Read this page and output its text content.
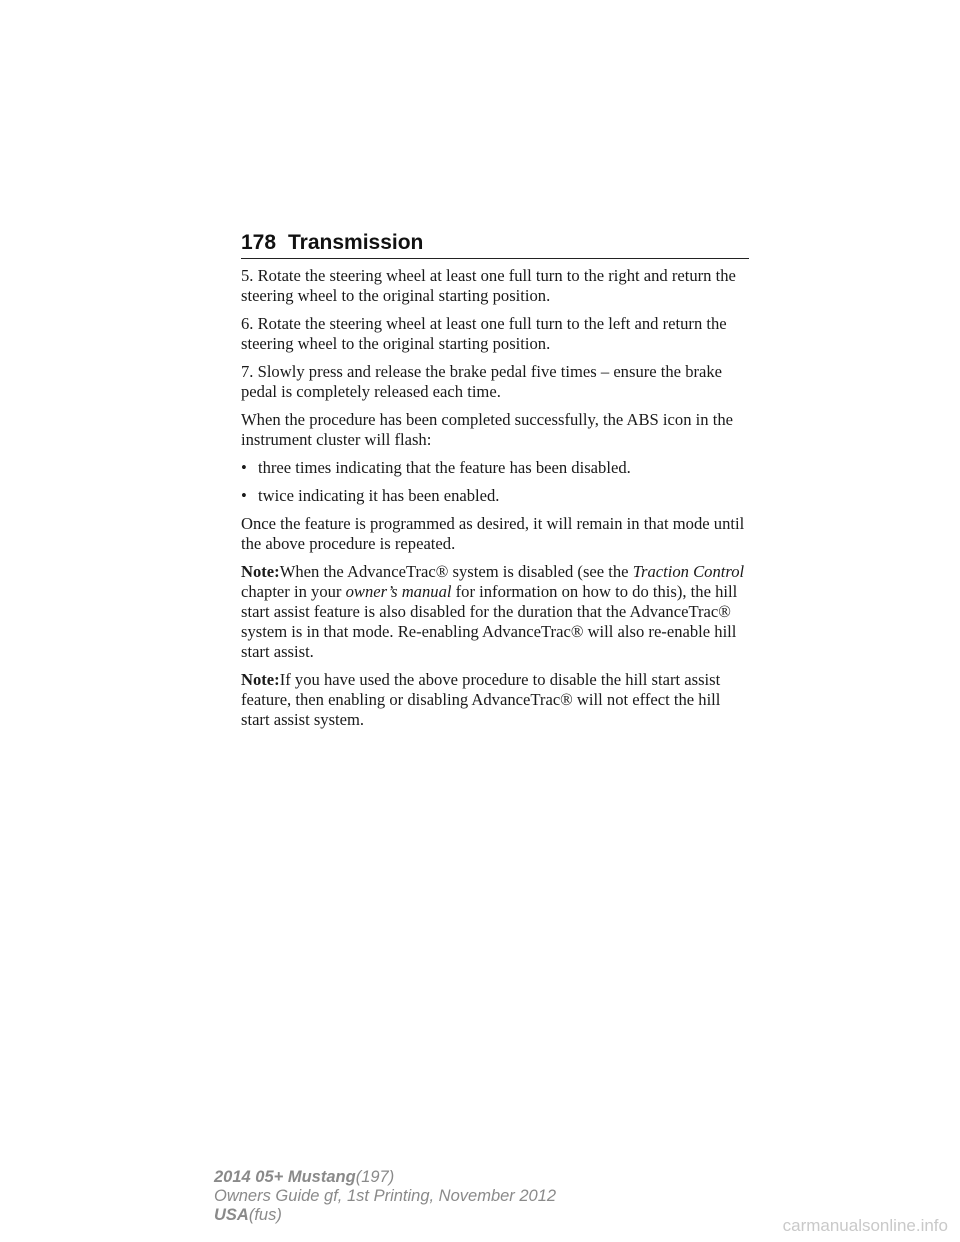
178 Transmission

5. Rotate the steering wheel at least one full turn to the right and return the steering wheel to the original starting position.

6. Rotate the steering wheel at least one full turn to the left and return the steering wheel to the original starting position.

7. Slowly press and release the brake pedal five times – ensure the brake pedal is completely released each time.

When the procedure has been completed successfully, the ABS icon in the instrument cluster will flash:

• three times indicating that the feature has been disabled.
• twice indicating it has been enabled.

Once the feature is programmed as desired, it will remain in that mode until the above procedure is repeated.

Note:When the AdvanceTrac® system is disabled (see the Traction Control chapter in your owner’s manual for information on how to do this), the hill start assist feature is also disabled for the duration that the AdvanceTrac® system is in that mode. Re-enabling AdvanceTrac® will also re-enable hill start assist.

Note:If you have used the above procedure to disable the hill start assist feature, then enabling or disabling AdvanceTrac® will not effect the hill start assist system.

2014 05+ Mustang(197)
Owners Guide gf, 1st Printing, November 2012
USA(fus)
carmanualsonline.info
